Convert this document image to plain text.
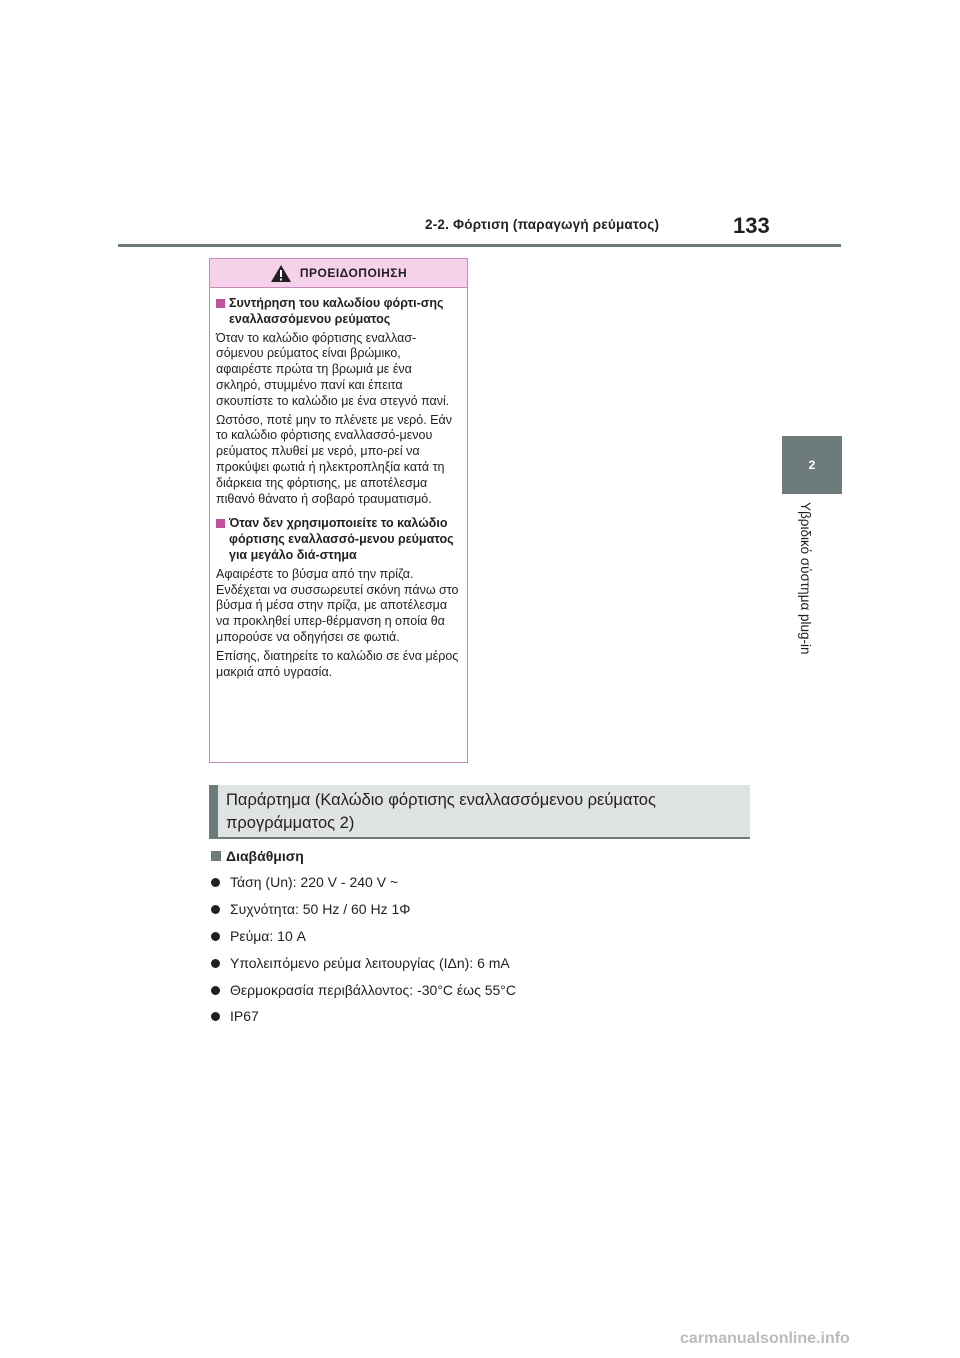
2-2. Φόρτιση (παραγωγή ρεύματος)	133
2
Υβριδικό σύστημα plug-in
ΠΡΟΕΙΔΟΠΟΙΗΣΗ
Συντήρηση του καλωδίου φόρτι-σης εναλλασσόμενου ρεύματος

Όταν το καλώδιο φόρτισης εναλλασ-σόμενου ρεύματος είναι βρώμικο, αφαιρέστε πρώτα τη βρωμιά με ένα σκληρό, στυμμένο πανί και έπειτα σκουπίστε το καλώδιο με ένα στεγνό πανί.

Ωστόσο, ποτέ μην το πλένετε με νερό. Εάν το καλώδιο φόρτισης εναλλασσό-μενου ρεύματος πλυθεί με νερό, μπο-ρεί να προκύψει φωτιά ή ηλεκτροπληξία κατά τη διάρκεια της φόρτισης, με αποτέλεσμα πιθανό θάνατο ή σοβαρό τραυματισμό.

Όταν δεν χρησιμοποιείτε το καλώδιο φόρτισης εναλλασσό-μενου ρεύματος για μεγάλο διά-στημα

Αφαιρέστε το βύσμα από την πρίζα. Ενδέχεται να συσσωρευτεί σκόνη πάνω στο βύσμα ή μέσα στην πρίζα, με αποτέλεσμα να προκληθεί υπερ-θέρμανση η οποία θα μπορούσε να οδηγήσει σε φωτιά.

Επίσης, διατηρείτε το καλώδιο σε ένα μέρος μακριά από υγρασία.

Παράρτημα (Καλώδιο φόρτισης εναλλασσόμενου ρεύματος προγράμματος 2)
Διαβάθμιση
Τάση (Un): 220 V - 240 V ~
Συχνότητα: 50 Hz / 60 Hz 1Φ
Ρεύμα: 10 A
Υπολειπόμενο ρεύμα λειτουργίας (IΔn): 6 mA
Θερμοκρασία περιβάλλοντος: -30°C έως 55°C
IP67
carmanualsonline.info
